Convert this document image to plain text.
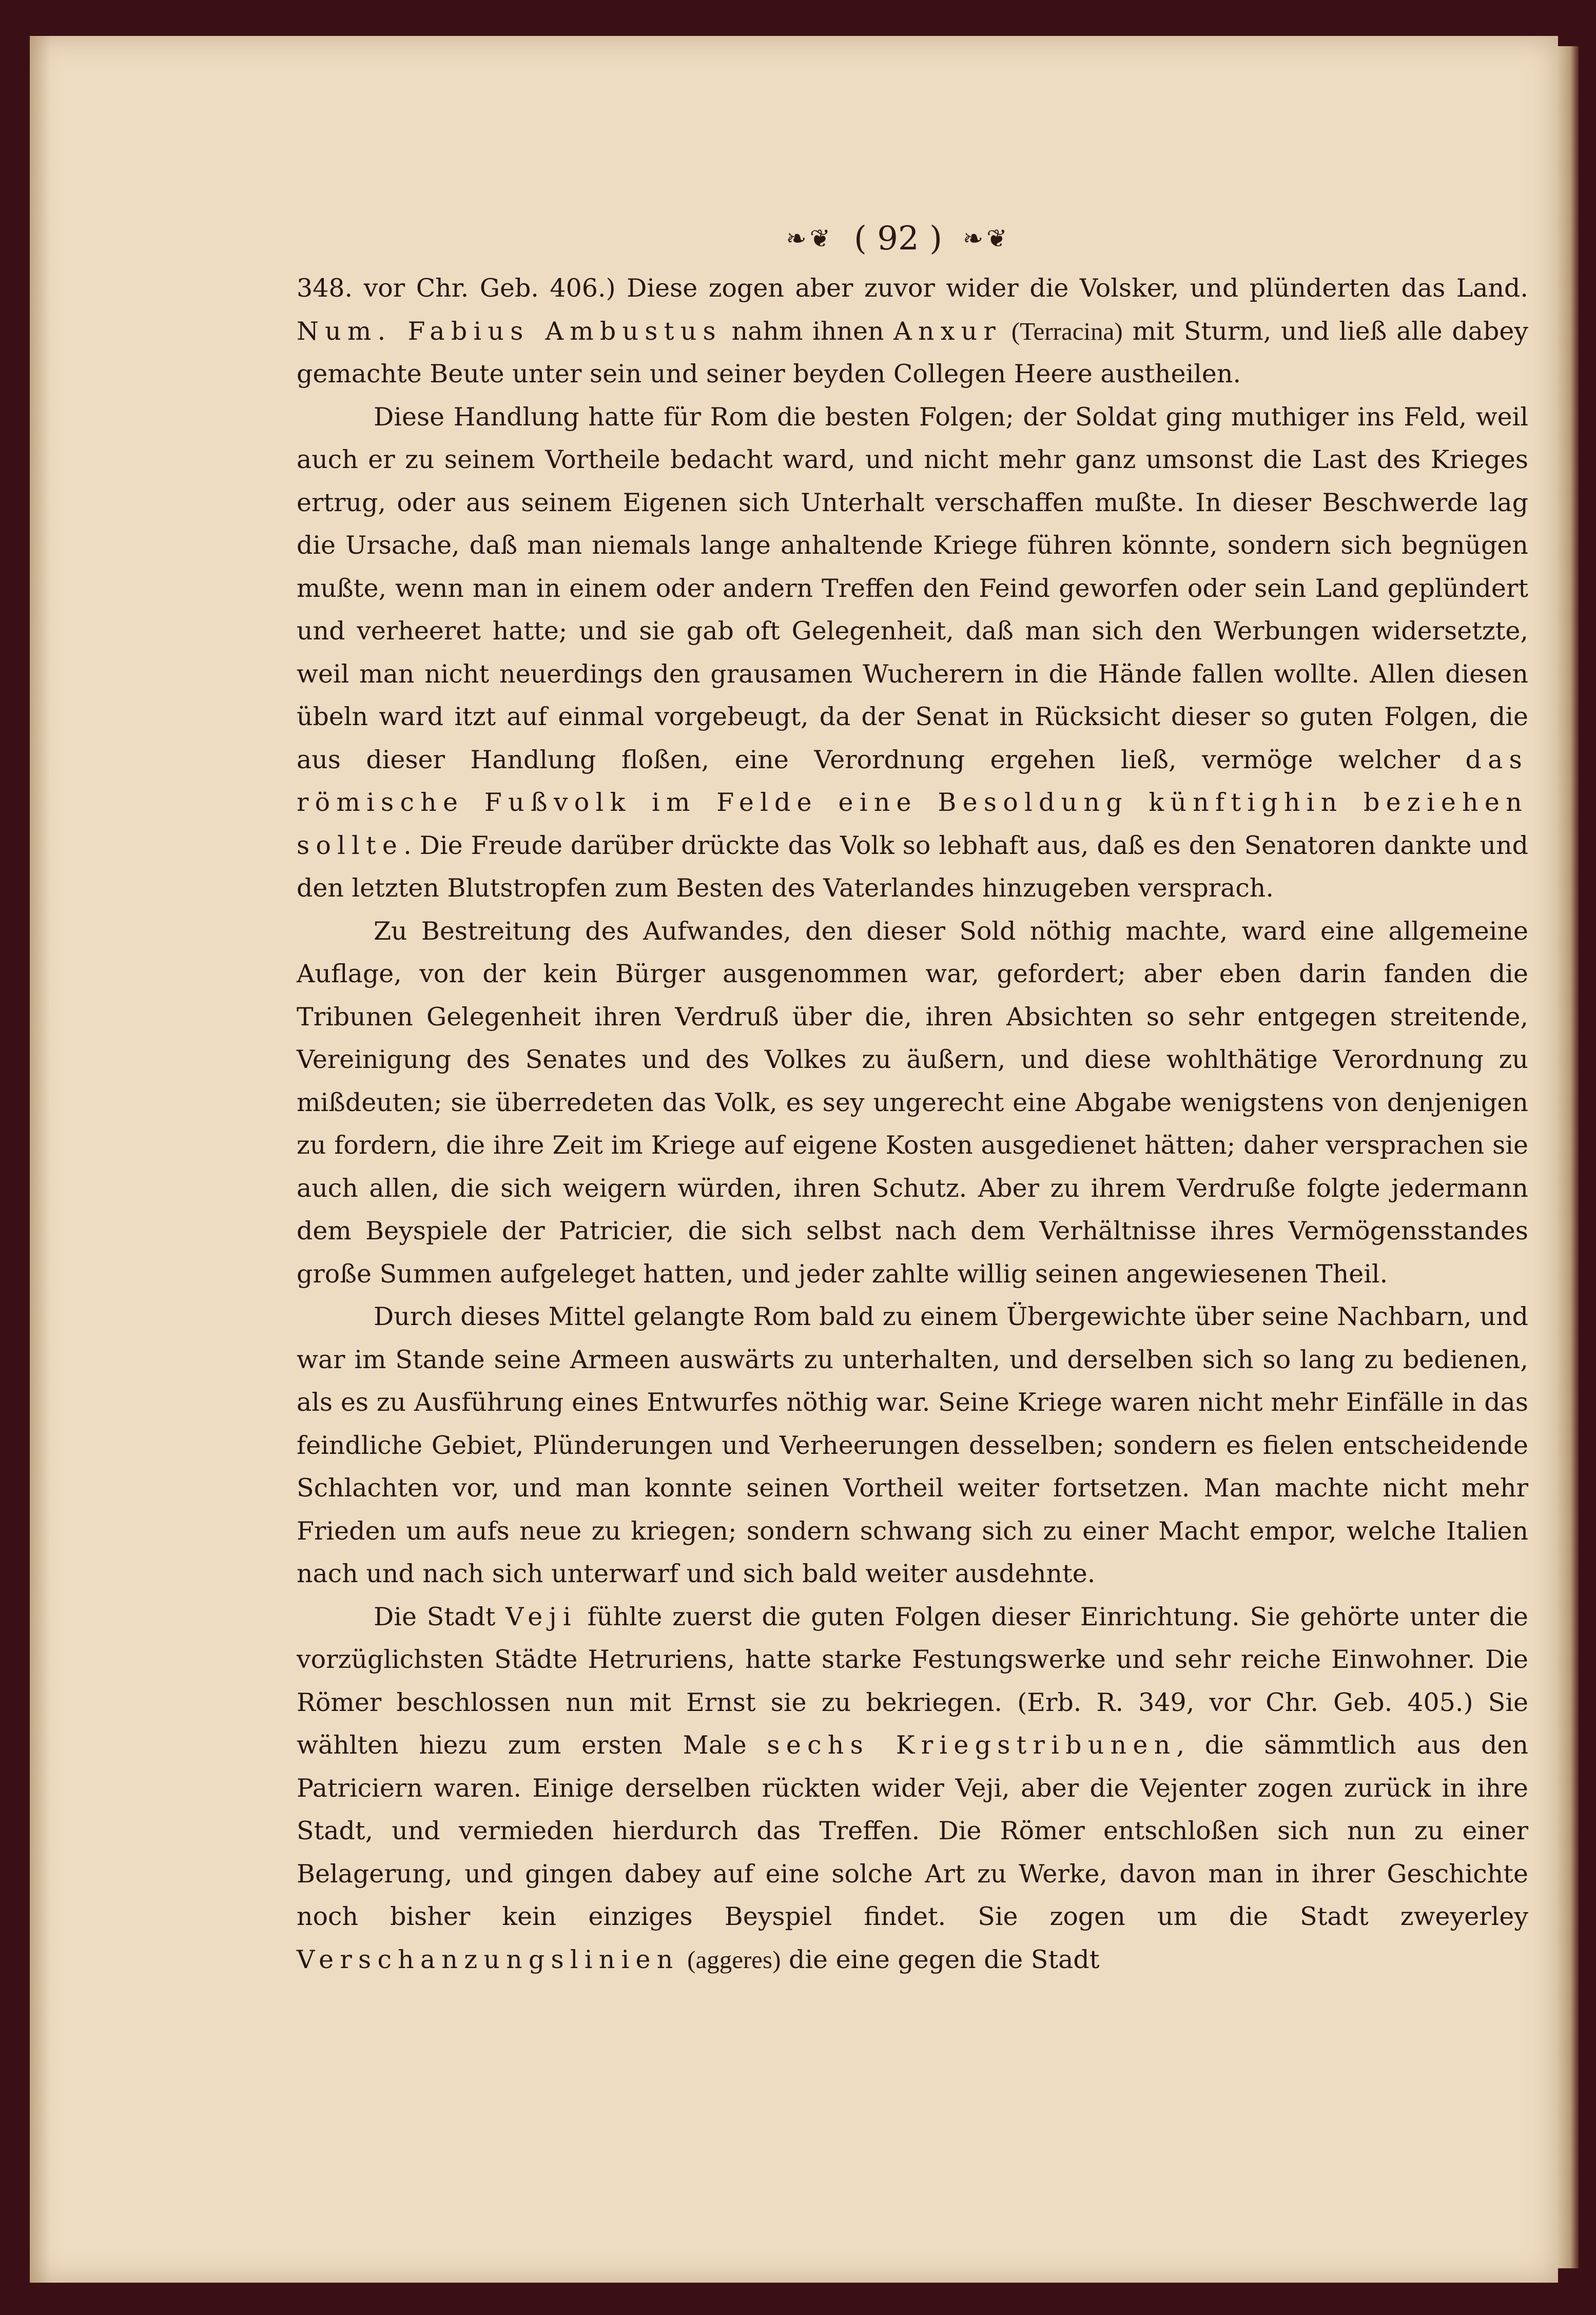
❧❦ ( 92 ) ❧❦

348. vor Chr. Geb. 406.) Diese zogen aber zuvor wider die Volsker, und plünderten das Land. Num. Fabius Ambustus nahm ihnen Anxur (Terracina) mit Sturm, und ließ alle dabey gemachte Beute unter sein und seiner beyden Collegen Heere austheilen.

Diese Handlung hatte für Rom die besten Folgen; der Soldat ging muthiger ins Feld, weil auch er zu seinem Vortheile bedacht ward, und nicht mehr ganz umsonst die Last des Krieges ertrug, oder aus seinem Eigenen sich Unterhalt verschaffen mußte. In dieser Beschwerde lag die Ursache, daß man niemals lange anhaltende Kriege führen könnte, sondern sich begnügen mußte, wenn man in einem oder andern Treffen den Feind geworfen oder sein Land geplündert und verheeret hatte; und sie gab oft Gelegenheit, daß man sich den Werbungen widersetzte, weil man nicht neuerdings den grausamen Wucherern in die Hände fallen wollte. Allen diesen übeln ward itzt auf einmal vorgebeugt, da der Senat in Rücksicht dieser so guten Folgen, die aus dieser Handlung floßen, eine Verordnung ergehen ließ, vermöge welcher das römische Fußvolk im Felde eine Besoldung künftighin beziehen sollte. Die Freude darüber drückte das Volk so lebhaft aus, daß es den Senatoren dankte und den letzten Blutstropfen zum Besten des Vaterlandes hinzugeben versprach.

Zu Bestreitung des Aufwandes, den dieser Sold nöthig machte, ward eine allgemeine Auflage, von der kein Bürger ausgenommen war, gefordert; aber eben darin fanden die Tribunen Gelegenheit ihren Verdruß über die, ihren Absichten so sehr entgegen streitende, Vereinigung des Senates und des Volkes zu äußern, und diese wohlthätige Verordnung zu mißdeuten; sie überredeten das Volk, es sey ungerecht eine Abgabe wenigstens von denjenigen zu fordern, die ihre Zeit im Kriege auf eigene Kosten ausgedienet hätten; daher versprachen sie auch allen, die sich weigern würden, ihren Schutz. Aber zu ihrem Verdruße folgte jedermann dem Beyspiele der Patricier, die sich selbst nach dem Verhältnisse ihres Vermögensstandes große Summen aufgeleget hatten, und jeder zahlte willig seinen angewiesenen Theil.

Durch dieses Mittel gelangte Rom bald zu einem Übergewichte über seine Nachbarn, und war im Stande seine Armeen auswärts zu unterhalten, und derselben sich so lang zu bedienen, als es zu Ausführung eines Entwurfes nöthig war. Seine Kriege waren nicht mehr Einfälle in das feindliche Gebiet, Plünderungen und Verheerungen desselben; sondern es fielen entscheidende Schlachten vor, und man konnte seinen Vortheil weiter fortsetzen. Man machte nicht mehr Frieden um aufs neue zu kriegen; sondern schwang sich zu einer Macht empor, welche Italien nach und nach sich unterwarf und sich bald weiter ausdehnte.

Die Stadt Veji fühlte zuerst die guten Folgen dieser Einrichtung. Sie gehörte unter die vorzüglichsten Städte Hetruriens, hatte starke Festungswerke und sehr reiche Einwohner. Die Römer beschlossen nun mit Ernst sie zu bekriegen. (Erb. R. 349, vor Chr. Geb. 405.) Sie wählten hiezu zum ersten Male sechs Kriegstribunen, die sämmtlich aus den Patriciern waren. Einige derselben rückten wider Veji, aber die Vejenter zogen zurück in ihre Stadt, und vermieden hierdurch das Treffen. Die Römer entschloßen sich nun zu einer Belagerung, und gingen dabey auf eine solche Art zu Werke, davon man in ihrer Geschichte noch bisher kein einziges Beyspiel findet. Sie zogen um die Stadt zweyerley Verschanzungslinien (aggeres) die eine gegen die Stadt
